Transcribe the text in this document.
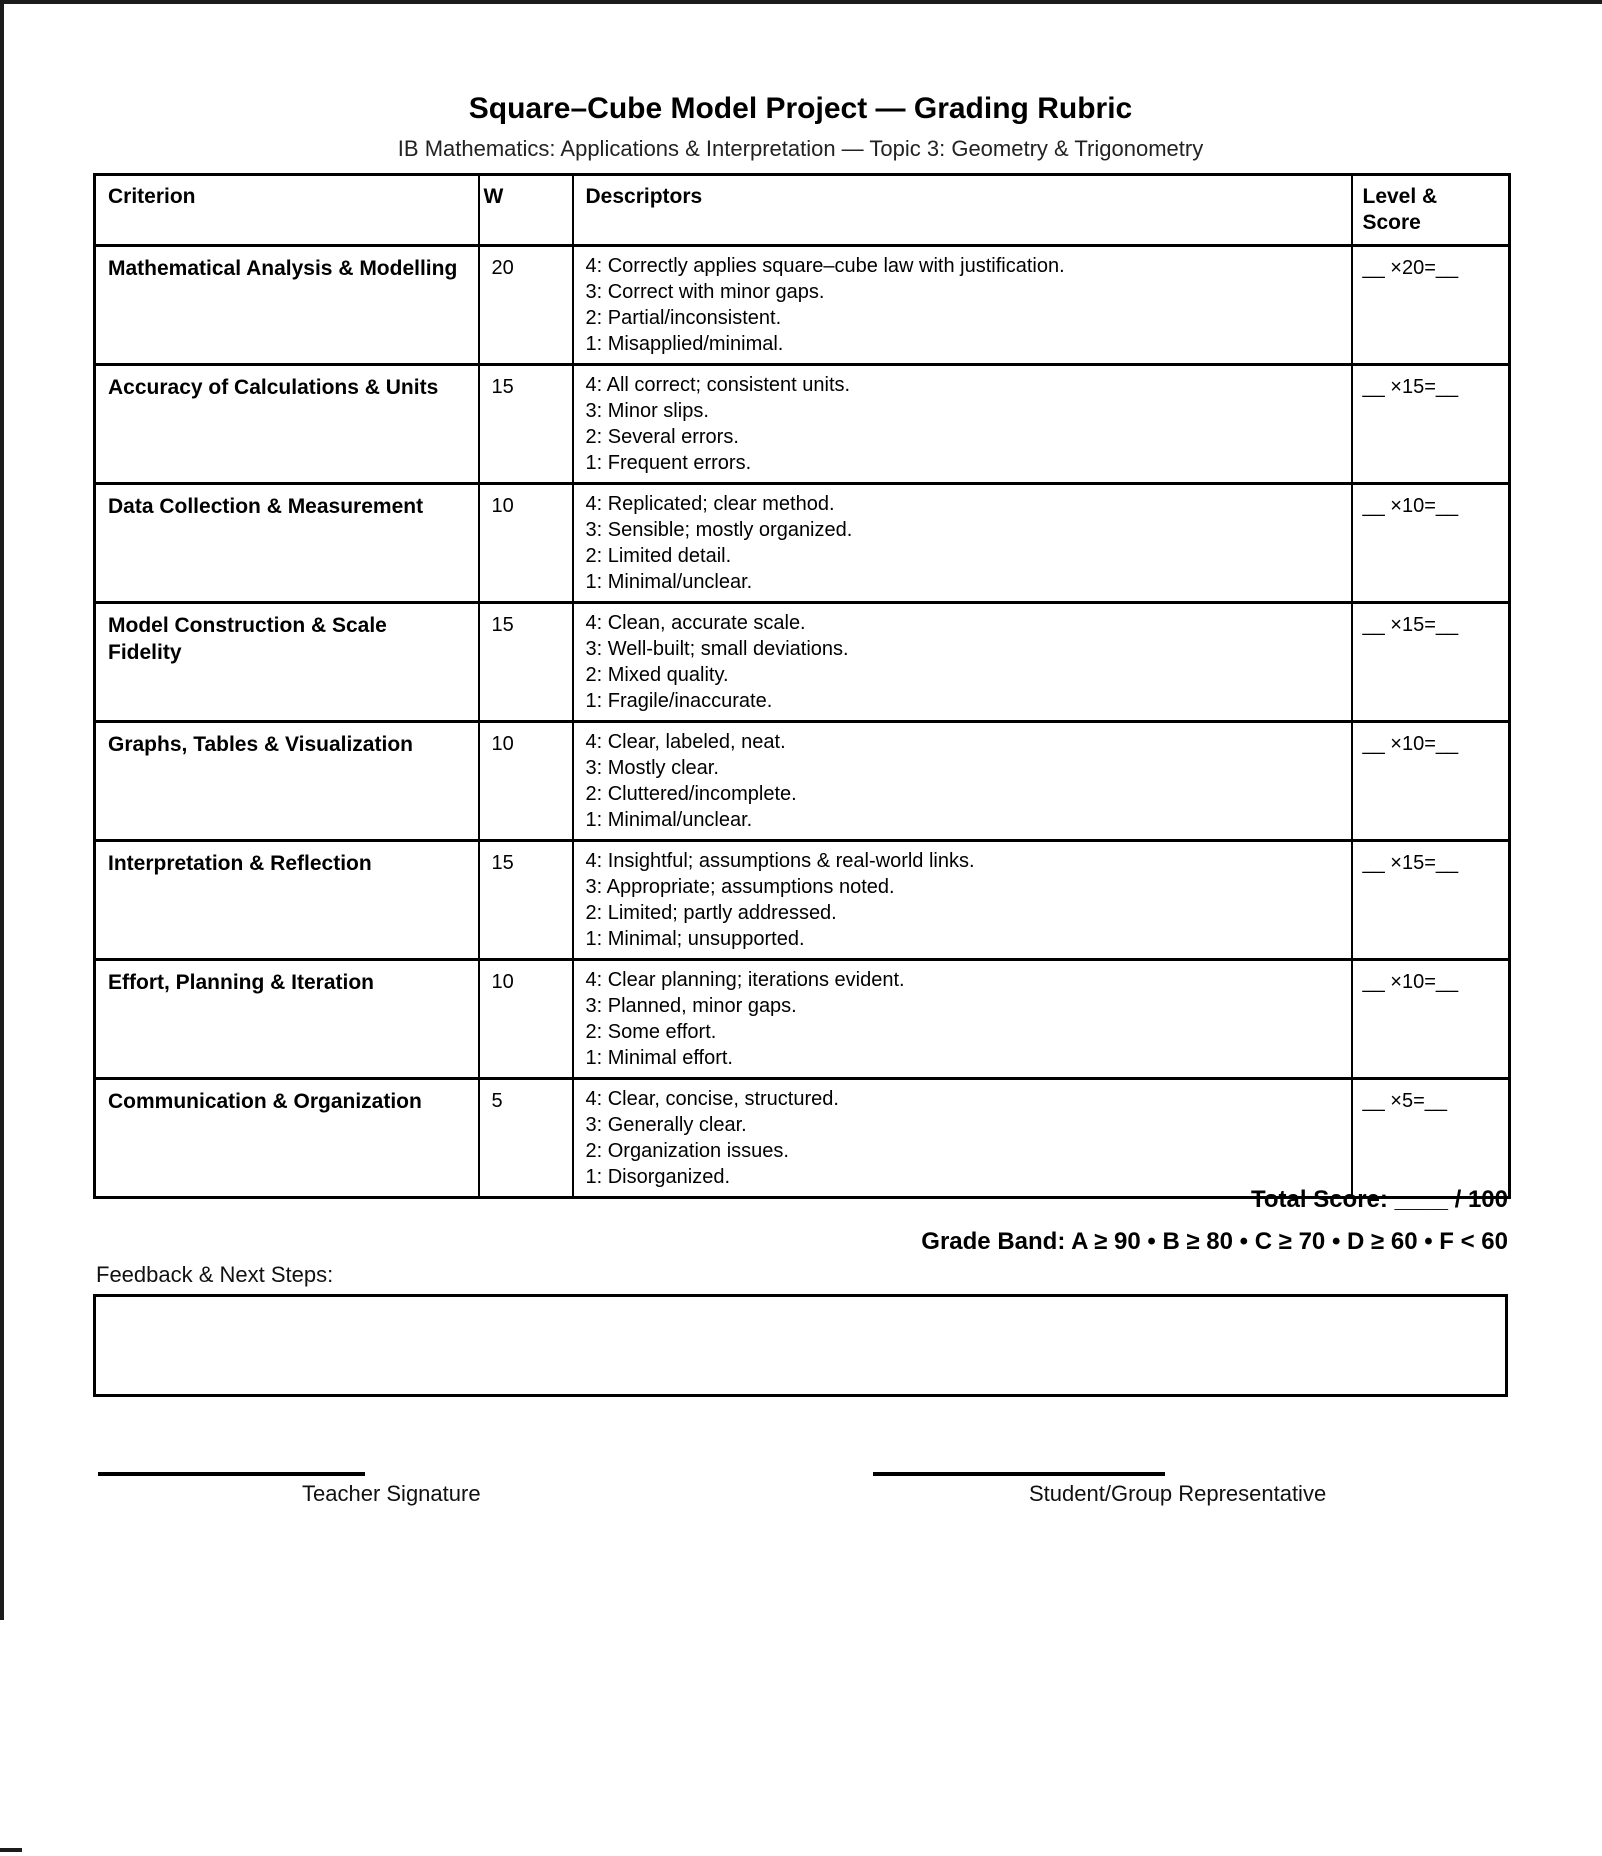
Square–Cube Model Project — Grading Rubric
IB Mathematics: Applications & Interpretation — Topic 3: Geometry & Trigonometry
Criterion	W	Descriptors	Level & Score
Mathematical Analysis & Modelling	20	4: Correctly applies square–cube law with justification.
3: Correct with minor gaps.
2: Partial/inconsistent.
1: Misapplied/minimal.	__ ×20=__
Accuracy of Calculations & Units	15	4: All correct; consistent units.
3: Minor slips.
2: Several errors.
1: Frequent errors.	__ ×15=__
Data Collection & Measurement	10	4: Replicated; clear method.
3: Sensible; mostly organized.
2: Limited detail.
1: Minimal/unclear.	__ ×10=__
Model Construction & Scale Fidelity	15	4: Clean, accurate scale.
3: Well-built; small deviations.
2: Mixed quality.
1: Fragile/inaccurate.	__ ×15=__
Graphs, Tables & Visualization	10	4: Clear, labeled, neat.
3: Mostly clear.
2: Cluttered/incomplete.
1: Minimal/unclear.	__ ×10=__
Interpretation & Reflection	15	4: Insightful; assumptions & real-world links.
3: Appropriate; assumptions noted.
2: Limited; partly addressed.
1: Minimal; unsupported.	__ ×15=__
Effort, Planning & Iteration	10	4: Clear planning; iterations evident.
3: Planned, minor gaps.
2: Some effort.
1: Minimal effort.	__ ×10=__
Communication & Organization	5	4: Clear, concise, structured.
3: Generally clear.
2: Organization issues.
1: Disorganized.	__ ×5=__
Total Score: ____ / 100
Grade Band: A ≥ 90 • B ≥ 80 • C ≥ 70 • D ≥ 60 • F < 60
Feedback & Next Steps:
Teacher Signature	Student/Group Representative
